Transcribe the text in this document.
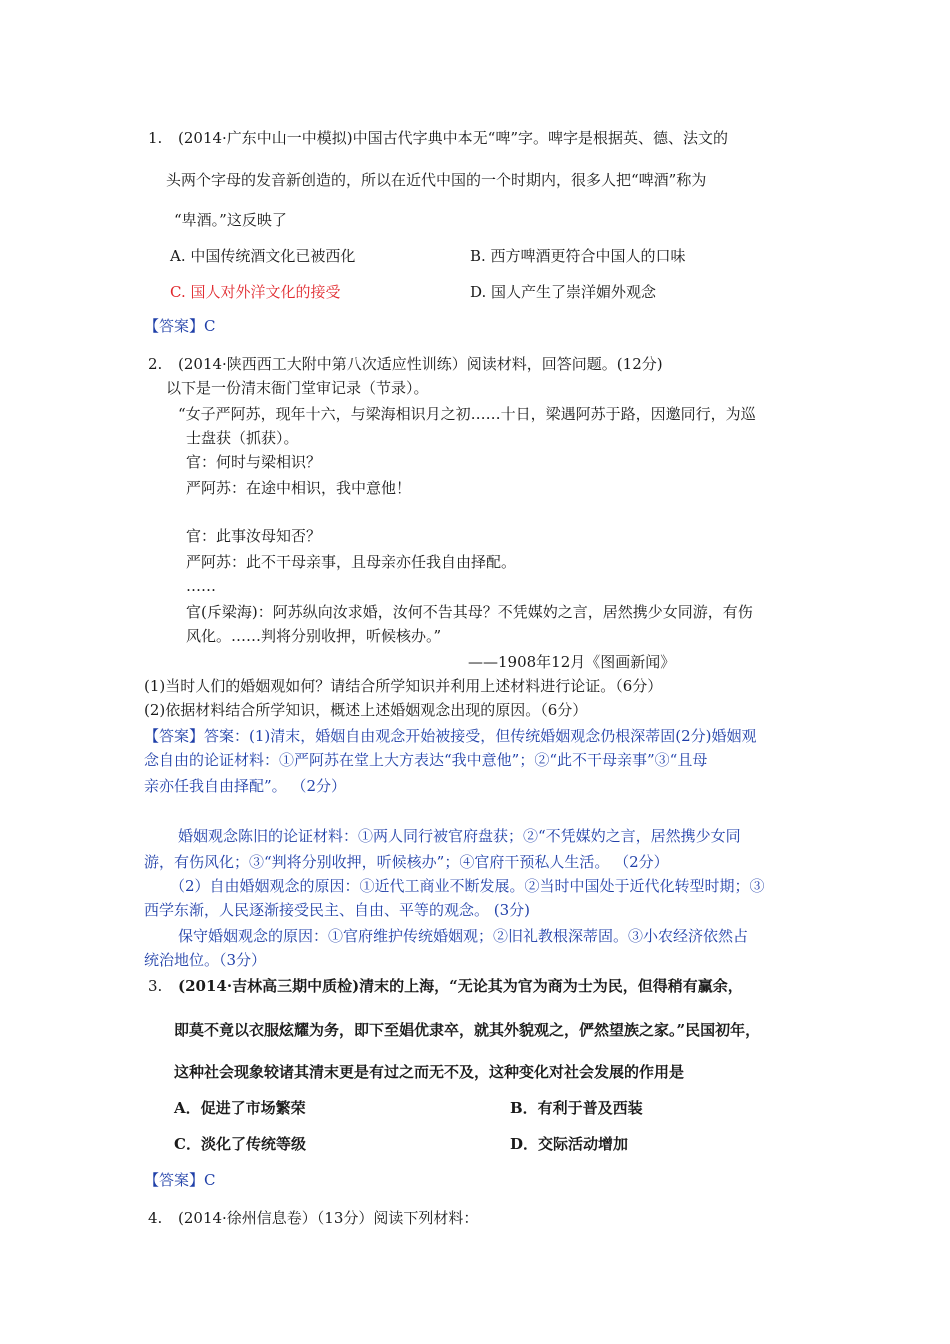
1. (2014·广东中山一中模拟)中国古代字典中本无“啤”字。啤字是根据英、德、法文的
头两个字母的发音新创造的，所以在近代中国的一个时期内，很多人把“啤酒”称为
“卑酒。”这反映了
A. 中国传统酒文化已被西化	B. 西方啤酒更符合中国人的口味
C. 国人对外洋文化的接受	D. 国人产生了崇洋媚外观念
【答案】C
2. (2014·陕西西工大附中第八次适应性训练）阅读材料，回答问题。(12分)
以下是一份清末衙门堂审记录（节录）。
“女子严阿苏，现年十六，与梁海相识月之初……十日，梁遇阿苏于路，因邀同行，为巡
士盘获（抓获）。
官：何时与梁相识？
严阿苏：在途中相识，我中意他！
官：此事汝母知否？
严阿苏：此不干母亲事，且母亲亦任我自由择配。
……
官(斥梁海)：阿苏纵向汝求婚，汝何不告其母？不凭媒妁之言，居然携少女同游，有伤
风化。……判将分别收押，听候核办。”
——1908年12月《图画新闻》
(1)当时人们的婚姻观如何？请结合所学知识并利用上述材料进行论证。（6分）
(2)依据材料结合所学知识，概述上述婚姻观念出现的原因。（6分）
【答案】答案：(1)清末，婚姻自由观念开始被接受，但传统婚姻观念仍根深蒂固(2分)婚姻观
念自由的论证材料：①严阿苏在堂上大方表达“我中意他”；②“此不干母亲事”③“且母
亲亦任我自由择配”。 （2分）
婚姻观念陈旧的论证材料：①两人同行被官府盘获；②“不凭媒妁之言，居然携少女同
游，有伤风化；③“判将分别收押，听候核办”；④官府干预私人生活。 （2分）
（2）自由婚姻观念的原因：①近代工商业不断发展。②当时中国处于近代化转型时期；③
西学东渐，人民逐渐接受民主、自由、平等的观念。 (3分)
保守婚姻观念的原因：①官府维护传统婚姻观；②旧礼教根深蒂固。③小农经济依然占
统治地位。（3分）
3. (2014·吉林高三期中质检)清末的上海，“无论其为官为商为士为民，但得稍有赢余，
即莫不竟以衣服炫耀为务，即下至娼优隶卒，就其外貌观之，俨然望族之家。”民国初年，
这种社会现象较诸其清末更是有过之而无不及，这种变化对社会发展的作用是
A．促进了市场繁荣	B．有利于普及西装
C．淡化了传统等级	D．交际活动增加
【答案】C
4. (2014·徐州信息卷）（13分）阅读下列材料：
